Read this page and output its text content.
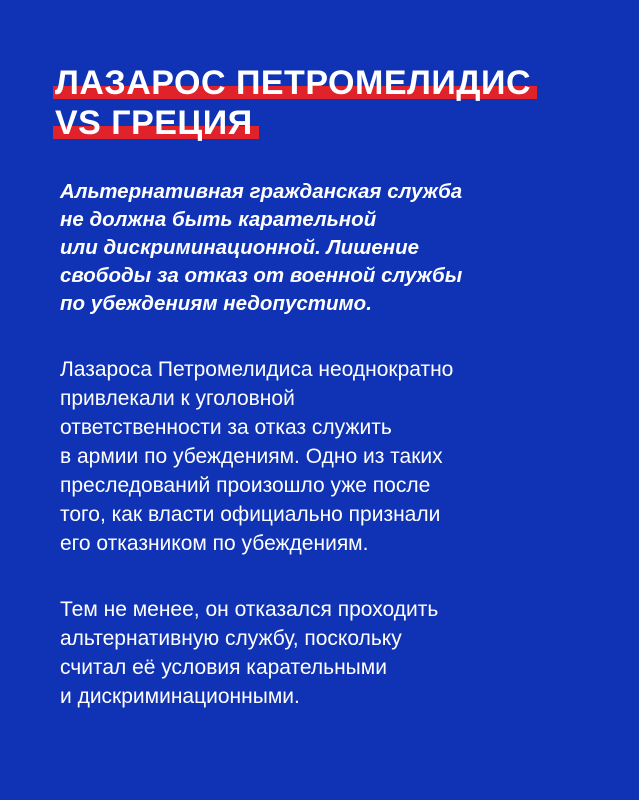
ЛАЗАРОС ПЕТРОМЕЛИДИС
VS ГРЕЦИЯ
Альтернативная гражданская служба
не должна быть карательной
или дискриминационной. Лишение
свободы за отказ от военной службы
по убеждениям недопустимо.
Лазароса Петромелидиса неоднократно
привлекали к уголовной
ответственности за отказ служить
в армии по убеждениям. Одно из таких
преследований произошло уже после
того, как власти официально признали
его отказником по убеждениям.
Тем не менее, он отказался проходить
альтернативную службу, поскольку
считал её условия карательными
и дискриминационными.
